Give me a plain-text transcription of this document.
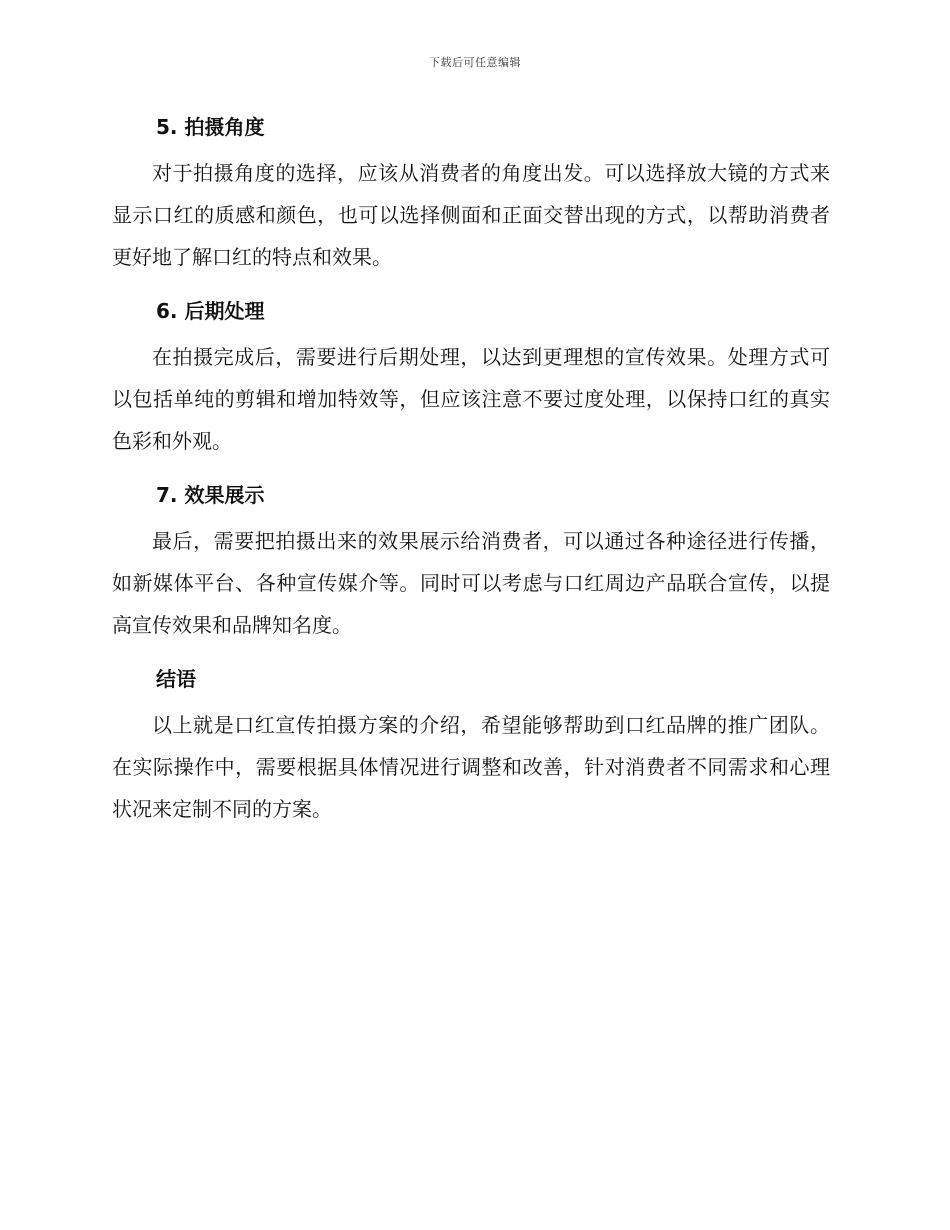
下载后可任意编辑
5. 拍摄角度

对于拍摄角度的选择，应该从消费者的角度出发。可以选择放大镜的方式来显示口红的质感和颜色，也可以选择侧面和正面交替出现的方式，以帮助消费者更好地了解口红的特点和效果。

6. 后期处理

在拍摄完成后，需要进行后期处理，以达到更理想的宣传效果。处理方式可以包括单纯的剪辑和增加特效等，但应该注意不要过度处理，以保持口红的真实色彩和外观。

7. 效果展示

最后，需要把拍摄出来的效果展示给消费者，可以通过各种途径进行传播，如新媒体平台、各种宣传媒介等。同时可以考虑与口红周边产品联合宣传，以提高宣传效果和品牌知名度。

结语

以上就是口红宣传拍摄方案的介绍，希望能够帮助到口红品牌的推广团队。在实际操作中，需要根据具体情况进行调整和改善，针对消费者不同需求和心理状况来定制不同的方案。
